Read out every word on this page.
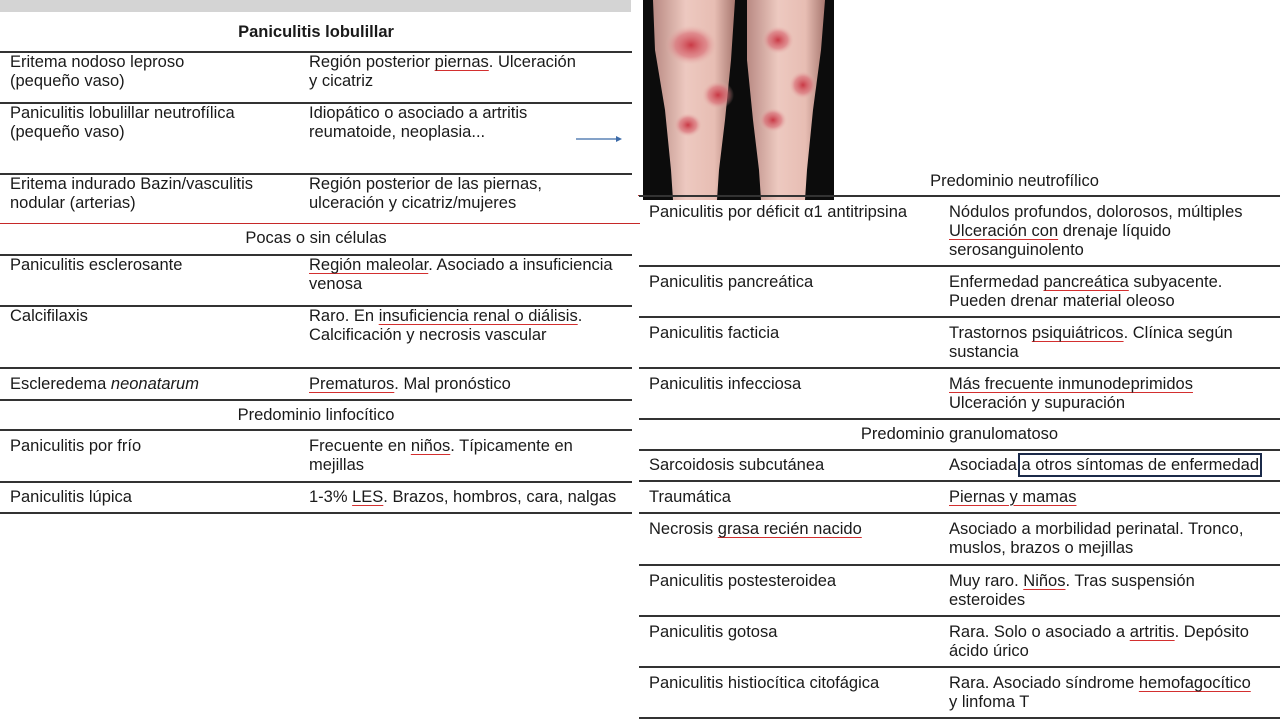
Paniculitis lobulillar	
Eritema nodoso leproso
(pequeño vaso)	Región posterior piernas. Ulceración
y cicatriz
Paniculitis lobulillar neutrofílica
(pequeño vaso)	Idiopático o asociado a artritis
reumatoide, neoplasia...
Eritema indurado Bazin/vasculitis
nodular (arterias)	Región posterior de las piernas,
ulceración y cicatriz/mujeres
Pocas o sin células	
Paniculitis esclerosante	Región maleolar. Asociado a insuficiencia
venosa
Calcifilaxis	Raro. En insuficiencia renal o diálisis.
Calcificación y necrosis vascular
Escleredema neonatarum	Prematuros. Mal pronóstico
Predominio linfocítico	
Paniculitis por frío	Frecuente en niños. Típicamente en
mejillas
Paniculitis lúpica	1-3% LES. Brazos, hombros, cara, nalgas
Predominio neutrofílico	
Paniculitis por déficit α1 antitripsina	Nódulos profundos, dolorosos, múltiples
Ulceración con drenaje líquido
serosanguinolento
Paniculitis pancreática	Enfermedad pancreática subyacente.
Pueden drenar material oleoso
Paniculitis facticia	Trastornos psiquiátricos. Clínica según
sustancia
Paniculitis infecciosa	Más frecuente inmunodeprimidos
Ulceración y supuración
Predominio granulomatoso	
Sarcoidosis subcutánea	Asociada a otros síntomas de enfermedad
Traumática	Piernas y mamas
Necrosis grasa recién nacido	Asociado a morbilidad perinatal. Tronco,
muslos, brazos o mejillas
Paniculitis postesteroidea	Muy raro. Niños. Tras suspensión
esteroides
Paniculitis gotosa	Rara. Solo o asociado a artritis. Depósito
ácido úrico
Paniculitis histiocítica citofágica	Rara. Asociado síndrome hemofagocítico
y linfoma T
